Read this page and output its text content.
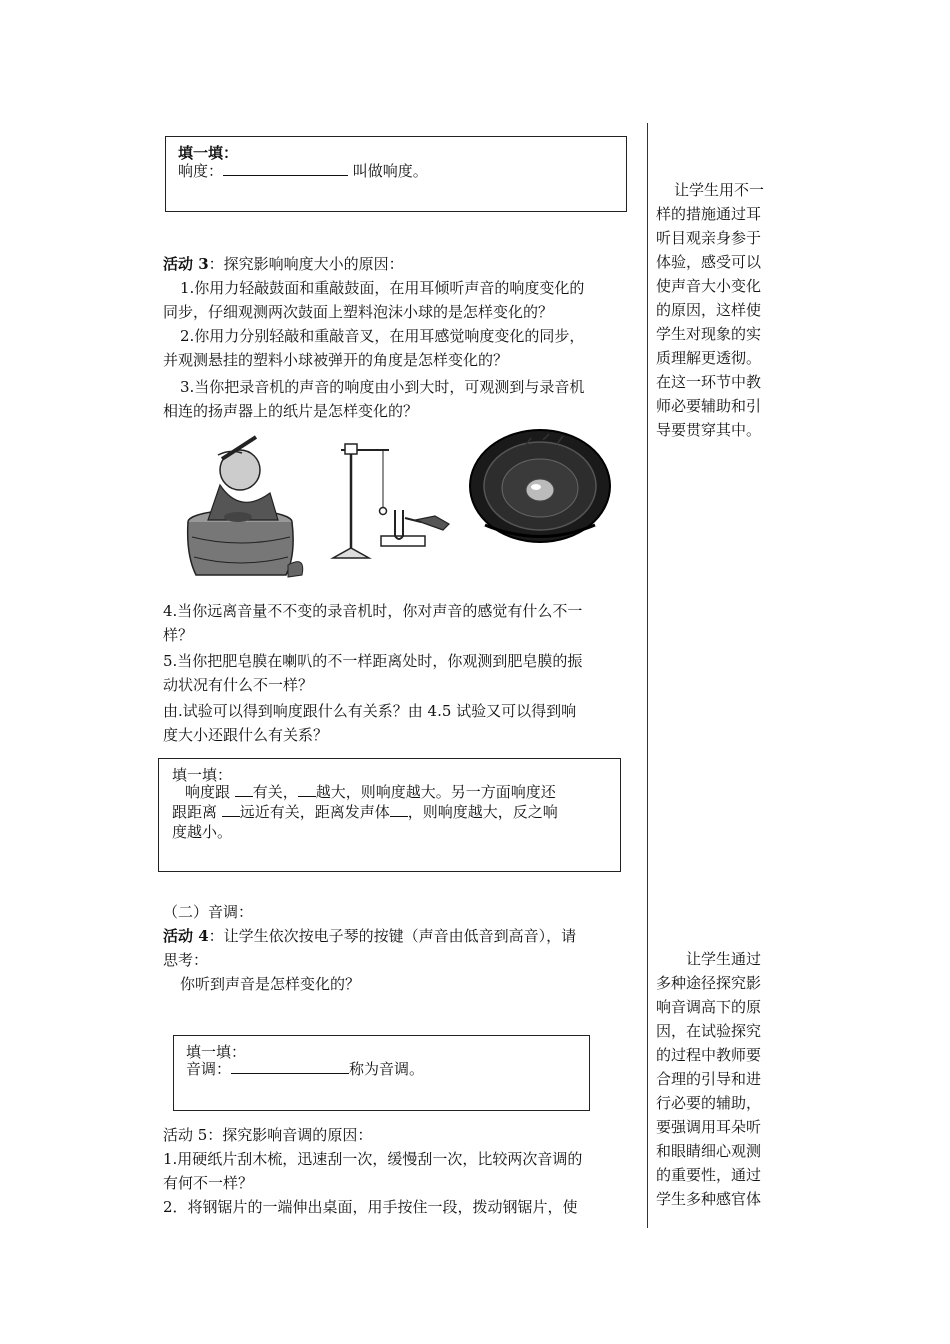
填一填：
响度：	叫做响度。
活动 3：探究影响响度大小的原因：
1.你用力轻敲鼓面和重敲鼓面，在用耳倾听声音的响度变化的
同步，仔细观测两次鼓面上塑料泡沫小球的是怎样变化的？
2.你用力分别轻敲和重敲音叉，在用耳感觉响度变化的同步，
并观测悬挂的塑料小球被弹开的角度是怎样变化的？
3.当你把录音机的声音的响度由小到大时，可观测到与录音机
相连的扬声器上的纸片是怎样变化的？
4.当你远离音量不不变的录音机时，你对声音的感觉有什么不一
样？
5.当你把肥皂膜在喇叭的不一样距离处时，你观测到肥皂膜的振
动状况有什么不一样？
由.试验可以得到响度跟什么有关系？由 4.5 试验又可以得到响
度大小还跟什么有关系？
填一填：
响度跟 有关， 越大，则响度越大。另一方面响度还
跟距离 远近有关，距离发声体 ，则响度越大，反之响
度越小。
（二）音调：
活动 4：让学生依次按电子琴的按键（声音由低音到高音），请
思考：
你听到声音是怎样变化的？
填一填：
音调：	称为音调。
活动 5：探究影响音调的原因：
1.用硬纸片刮木梳，迅速刮一次，缓慢刮一次，比较两次音调的
有何不一样？
2．将钢锯片的一端伸出桌面，用手按住一段，拨动钢锯片，使
让学生用不一
样的措施通过耳
听目观亲身参于
体验，感受可以
使声音大小变化
的原因，这样使
学生对现象的实
质理解更透彻。
在这一环节中教
师必要辅助和引
导要贯穿其中。
让学生通过
多种途径探究影
响音调高下的原
因，在试验探究
的过程中教师要
合理的引导和进
行必要的辅助，
要强调用耳朵听
和眼睛细心观测
的重要性，通过
学生多种感官体
